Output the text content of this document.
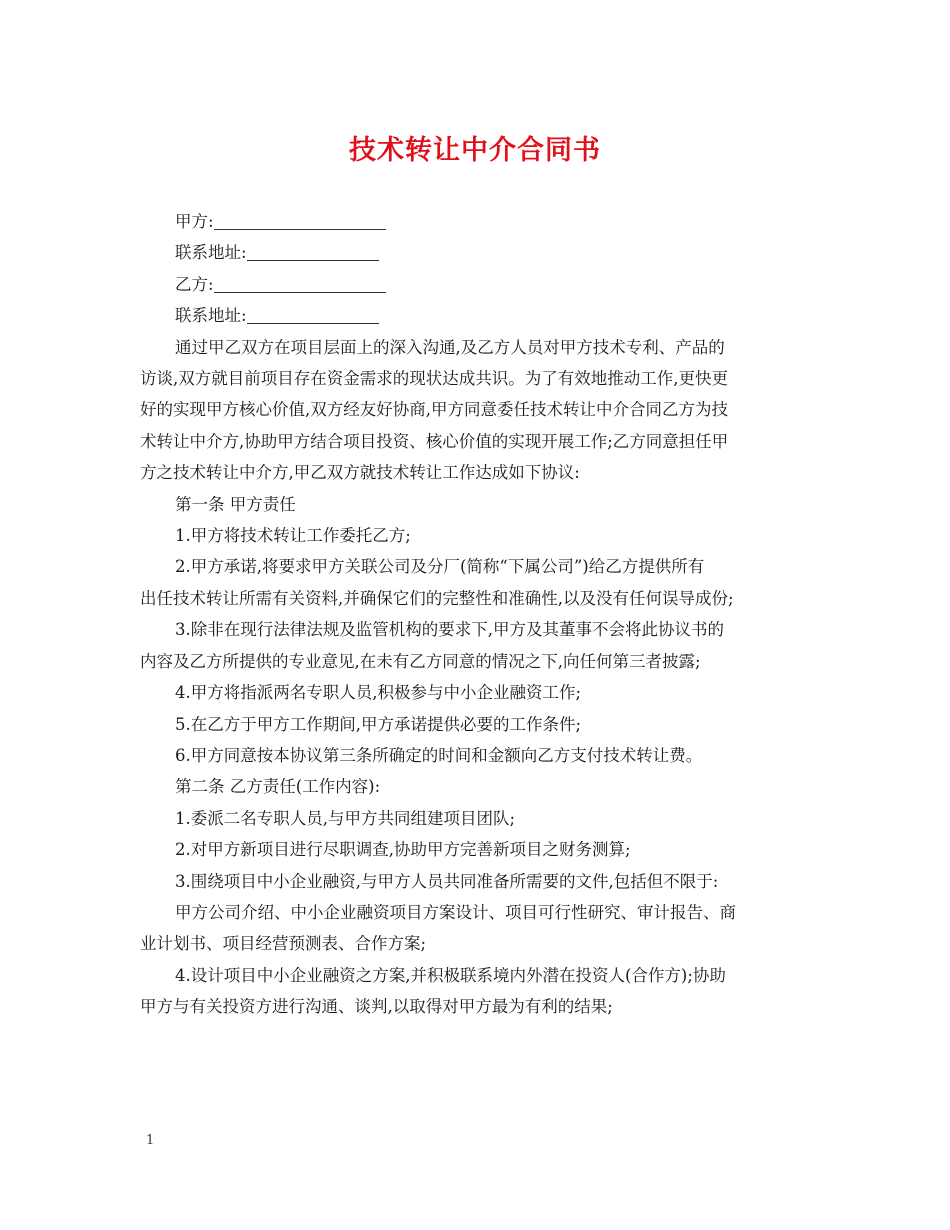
技术转让中介合同书
甲方:
联系地址:
乙方:
联系地址:
通过甲乙双方在项目层面上的深入沟通,及乙方人员对甲方技术专利、产品的
访谈,双方就目前项目存在资金需求的现状达成共识。为了有效地推动工作,更快更
好的实现甲方核心价值,双方经友好协商,甲方同意委任技术转让中介合同乙方为技
术转让中介方,协助甲方结合项目投资、核心价值的实现开展工作;乙方同意担任甲
方之技术转让中介方,甲乙双方就技术转让工作达成如下协议:
第一条 甲方责任
1.甲方将技术转让工作委托乙方;
2.甲方承诺,将要求甲方关联公司及分厂(简称“下属公司”)给乙方提供所有
出任技术转让所需有关资料,并确保它们的完整性和准确性,以及没有任何误导成份;
3.除非在现行法律法规及监管机构的要求下,甲方及其董事不会将此协议书的
内容及乙方所提供的专业意见,在未有乙方同意的情况之下,向任何第三者披露;
4.甲方将指派两名专职人员,积极参与中小企业融资工作;
5.在乙方于甲方工作期间,甲方承诺提供必要的工作条件;
6.甲方同意按本协议第三条所确定的时间和金额向乙方支付技术转让费。
第二条 乙方责任(工作内容):
1.委派二名专职人员,与甲方共同组建项目团队;
2.对甲方新项目进行尽职调查,协助甲方完善新项目之财务测算;
3.围绕项目中小企业融资,与甲方人员共同准备所需要的文件,包括但不限于:
甲方公司介绍、中小企业融资项目方案设计、项目可行性研究、审计报告、商
业计划书、项目经营预测表、合作方案;
4.设计项目中小企业融资之方案,并积极联系境内外潜在投资人(合作方);协助
甲方与有关投资方进行沟通、谈判,以取得对甲方最为有利的结果;
1
